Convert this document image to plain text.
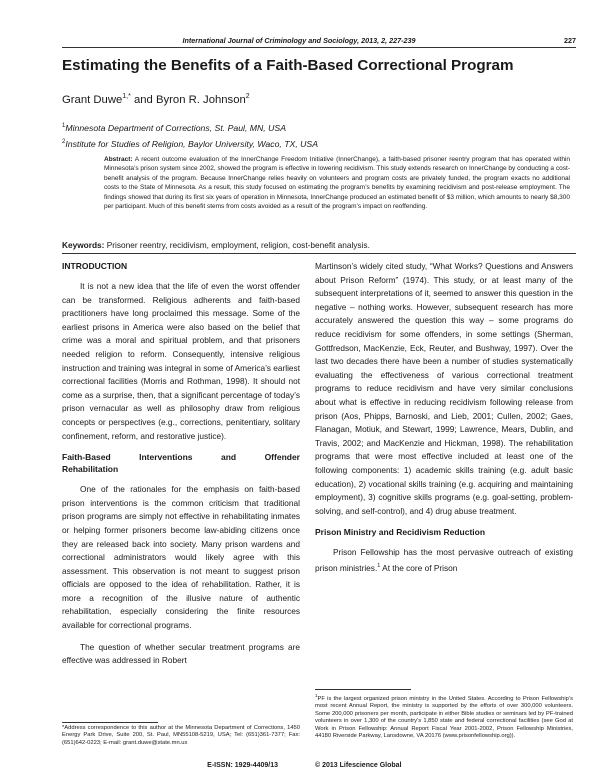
International Journal of Criminology and Sociology, 2013, 2, 227-239	227
Estimating the Benefits of a Faith-Based Correctional Program
Grant Duwe$^{1,*}$ and Byron R. Johnson$^2$
$^1$Minnesota Department of Corrections, St. Paul, MN, USA
$^2$Institute for Studies of Religion, Baylor University, Waco, TX, USA
Abstract: A recent outcome evaluation of the InnerChange Freedom Initiative (InnerChange), a faith-based prisoner reentry program that has operated within Minnesota’s prison system since 2002, showed the program is effective in lowering recidivism. This study extends research on InnerChange by conducting a cost-benefit analysis of the program. Because InnerChange relies heavily on volunteers and program costs are privately funded, the program exacts no additional costs to the State of Minnesota. As a result, this study focused on estimating the program’s benefits by examining recidivism and post-release employment. The findings showed that during its first six years of operation in Minnesota, InnerChange produced an estimated benefit of $3 million, which amounts to nearly $8,300 per participant. Much of this benefit stems from costs avoided as a result of the program’s impact on reoffending.
Keywords: Prisoner reentry, recidivism, employment, religion, cost-benefit analysis.
INTRODUCTION

It is not a new idea that the life of even the worst offender can be transformed. Religious adherents and faith-based practitioners have long proclaimed this message. Some of the earliest prisons in America were also based on the belief that crime was a moral and spiritual problem, and that prisoners needed religion to reform. Consequently, intensive religious instruction and training was integral in some of America’s earliest correctional facilities (Morris and Rothman, 1998). It should not come as a surprise, then, that a significant percentage of today’s prison vernacular as well as philosophy draw from religious concepts or perspectives (e.g., corrections, penitentiary, solitary confinement, reform, and restorative justice).

Faith-Based	Interventions	and	Offender
Rehabilitation

One of the rationales for the emphasis on faith-based prison interventions is the common criticism that traditional prison programs are simply not effective in rehabilitating inmates or helping former prisoners become law-abiding citizens once they are released back into society. Many prison wardens and correctional administrators would likely agree with this assessment. This observation is not meant to suggest prison officials are opposed to the idea of rehabilitation. Rather, it is more a recognition of the illusive nature of authentic rehabilitation, especially considering the finite resources available for correctional programs.

The question of whether secular treatment programs are effective was addressed in Robert

Martinson’s widely cited study, “What Works? Questions and Answers about Prison Reform” (1974). This study, or at least many of the subsequent interpretations of it, seemed to answer this question in the negative – nothing works. However, subsequent research has more accurately answered the question this way – some programs do reduce recidivism for some offenders, in some settings (Sherman, Gottfredson, MacKenzie, Eck, Reuter, and Bushway, 1997). Over the last two decades there have been a number of studies systematically evaluating the effectiveness of various correctional treatment programs to reduce recidivism and have very similar conclusions about what is effective in reducing recidivism following release from prison (Aos, Phipps, Barnoski, and Lieb, 2001; Cullen, 2002; Gaes, Flanagan, Motiuk, and Stewart, 1999; Lawrence, Mears, Dublin, and Travis, 2002; and MacKenzie and Hickman, 1998). The rehabilitation programs that were most effective included at least one of the following components: 1) academic skills training (e.g. adult basic education), 2) vocational skills training (e.g. acquiring and maintaining employment), 3) cognitive skills programs (e.g. goal-setting, problem-solving, and self-control), and 4) drug abuse treatment.

Prison Ministry and Recidivism Reduction

Prison Fellowship has the most pervasive outreach of existing prison ministries.$^1$ At the core of Prison

*Address correspondence to this author at the Minnesota Department of Corrections, 1450 Energy Park Drive, Suite 200, St. Paul, MN55108-5219, USA; Tel: (651)361-7377; Fax: (651)642-0223; E-mail: grant.duwe@state.mn.us
$^1$PF is the largest organized prison ministry in the United States. According to Prison Fellowship’s most recent Annual Report, the ministry is supported by the efforts of over 300,000 volunteers. Some 200,000 prisoners per month, participate in either Bible studies or seminars led by PF-trained volunteers in over 1,300 of the country’s 1,850 state and federal correctional facilities (see God at Work in Prison Fellowship: Annual Report Fiscal Year 2001-2002, Prison Fellowship Ministries, 44180 Riverside Parkway, Lansdowne, VA 20176 (www.prisonfellowship.org)).
E-ISSN: 1929-4409/13	© 2013 Lifescience Global
